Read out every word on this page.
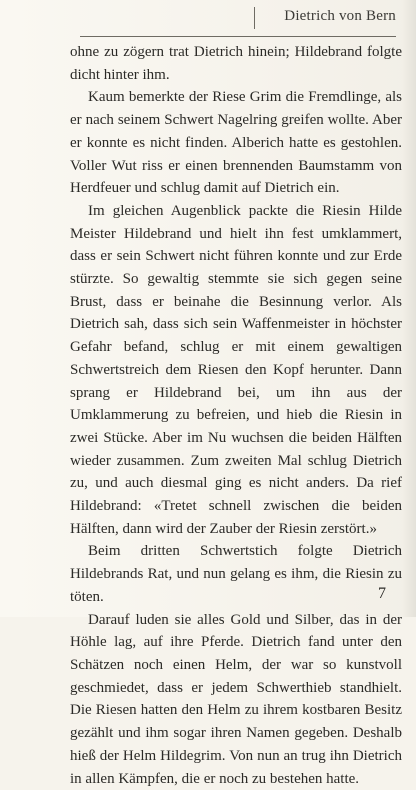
Dietrich von Bern

ohne zu zögern trat Dietrich hinein; Hildebrand folgte dicht hinter ihm.

Kaum bemerkte der Riese Grim die Fremdlinge, als er nach seinem Schwert Nagelring greifen wollte. Aber er konnte es nicht finden. Alberich hatte es gestohlen. Voller Wut riss er einen brennenden Baumstamm von Herdfeuer und schlug damit auf Dietrich ein.

Im gleichen Augenblick packte die Riesin Hilde Meister Hildebrand und hielt ihn fest umklammert, dass er sein Schwert nicht führen konnte und zur Erde stürzte. So gewaltig stemmte sie sich gegen seine Brust, dass er beinahe die Besinnung verlor. Als Dietrich sah, dass sich sein Waffenmeister in höchster Gefahr befand, schlug er mit einem gewaltigen Schwertstreich dem Riesen den Kopf herunter. Dann sprang er Hildebrand bei, um ihn aus der Umklammerung zu befreien, und hieb die Riesin in zwei Stücke. Aber im Nu wuchsen die beiden Hälften wieder zusammen. Zum zweiten Mal schlug Dietrich zu, und auch diesmal ging es nicht anders. Da rief Hildebrand: «Tretet schnell zwischen die beiden Hälften, dann wird der Zauber der Riesin zerstört.»

Beim dritten Schwertstich folgte Dietrich Hildebrands Rat, und nun gelang es ihm, die Riesin zu töten.

Darauf luden sie alles Gold und Silber, das in der Höhle lag, auf ihre Pferde. Dietrich fand unter den Schätzen noch einen Helm, der war so kunstvoll geschmiedet, dass er jedem Schwerthieb standhielt. Die Riesen hatten den Helm zu ihrem kostbaren Besitz gezählt und ihm sogar ihren Namen gegeben. Deshalb hieß der Helm Hildegrim. Von nun an trug ihn Dietrich in allen Kämpfen, die er noch zu bestehen hatte.

7
